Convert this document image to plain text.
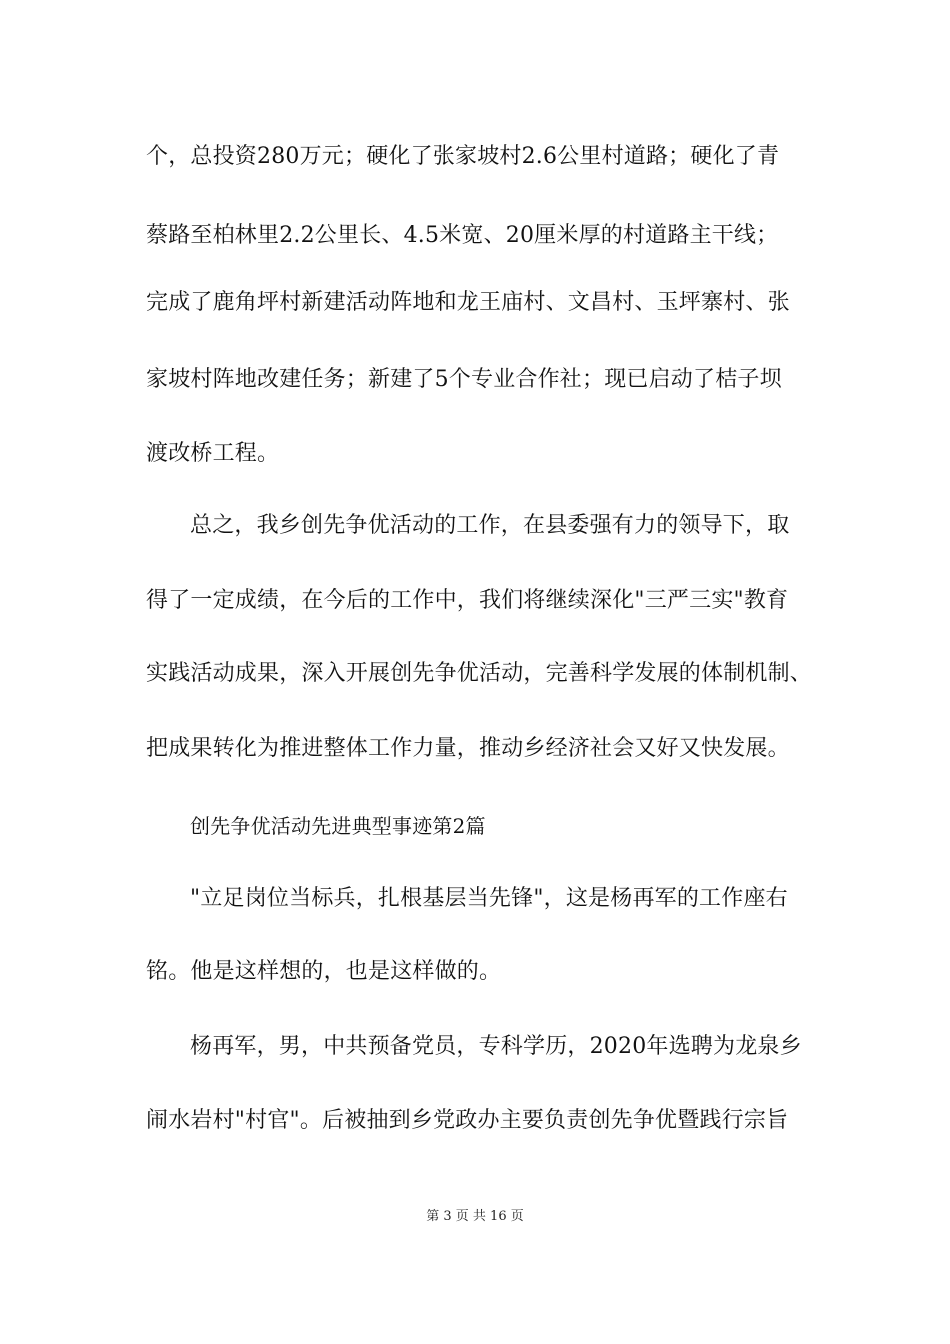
个，总投资280万元；硬化了张家坡村2.6公里村道路；硬化了青
蔡路至柏林里2.2公里长、4.5米宽、20厘米厚的村道路主干线；
完成了鹿角坪村新建活动阵地和龙王庙村、文昌村、玉坪寨村、张
家坡村阵地改建任务；新建了5个专业合作社；现已启动了桔子坝
渡改桥工程。
总之，我乡创先争优活动的工作，在县委强有力的领导下，取
得了一定成绩，在今后的工作中，我们将继续深化"三严三实"教育
实践活动成果，深入开展创先争优活动，完善科学发展的体制机制、
把成果转化为推进整体工作力量，推动乡经济社会又好又快发展。
创先争优活动先进典型事迹第2篇
"立足岗位当标兵，扎根基层当先锋"，这是杨再军的工作座右
铭。他是这样想的，也是这样做的。
杨再军，男，中共预备党员，专科学历，2020年选聘为龙泉乡
闹水岩村"村官"。后被抽到乡党政办主要负责创先争优暨践行宗旨
第 3 页 共 16 页
